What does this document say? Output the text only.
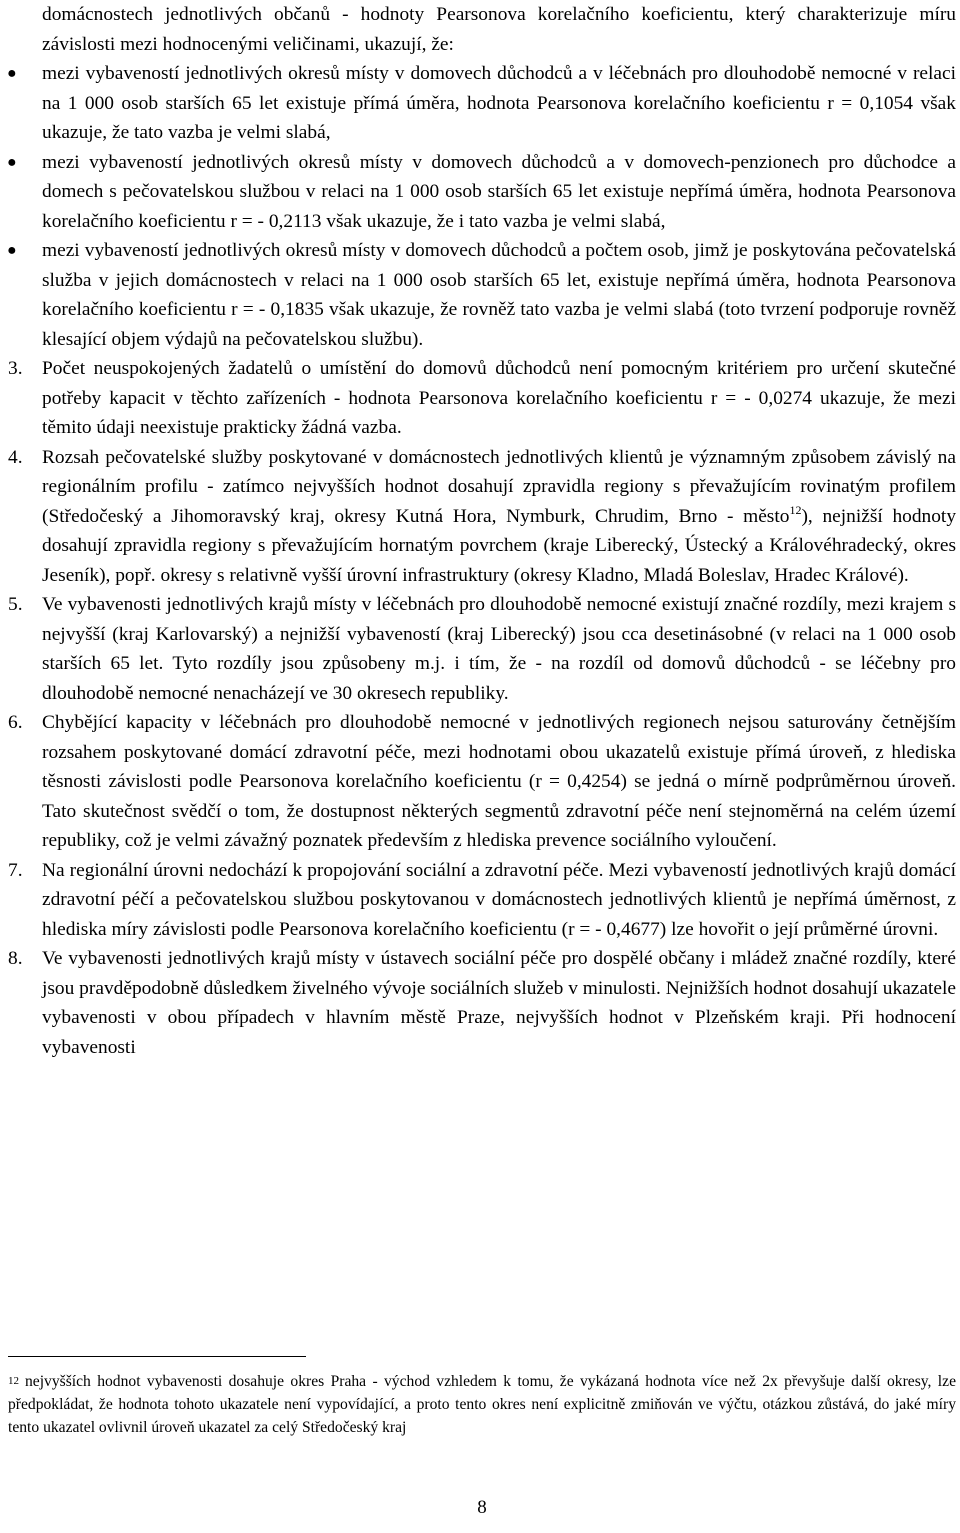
domácnostech jednotlivých občanů - hodnoty Pearsonova korelačního koeficientu, který charakterizuje míru závislosti mezi hodnocenými veličinami, ukazují, že:

● mezi vybaveností jednotlivých okresů místy v domovech důchodců a v léčebnách pro dlouhodobě nemocné v relaci na 1 000 osob starších 65 let existuje přímá úměra, hodnota Pearsonova korelačního koeficientu r = 0,1054 však ukazuje, že tato vazba je velmi slabá,

● mezi vybaveností jednotlivých okresů místy v domovech důchodců a v domovech-penzionech pro důchodce a domech s pečovatelskou službou v relaci na 1 000 osob starších 65 let existuje nepřímá úměra, hodnota Pearsonova korelačního koeficientu r = - 0,2113 však ukazuje, že i tato vazba je velmi slabá,

● mezi vybaveností jednotlivých okresů místy v domovech důchodců a počtem osob, jimž je poskytována pečovatelská služba v jejich domácnostech v relaci na 1 000 osob starších 65 let, existuje nepřímá úměra, hodnota Pearsonova korelačního koeficientu r = - 0,1835 však ukazuje, že rovněž tato vazba je velmi slabá (toto tvrzení podporuje rovněž klesající objem výdajů na pečovatelskou službu).

3. Počet neuspokojených žadatelů o umístění do domovů důchodců není pomocným kritériem pro určení skutečné potřeby kapacit v těchto zařízeních - hodnota Pearsonova korelačního koeficientu r = - 0,0274 ukazuje, že mezi těmito údaji neexistuje prakticky žádná vazba.

4. Rozsah pečovatelské služby poskytované v domácnostech jednotlivých klientů je významným způsobem závislý na regionálním profilu - zatímco nejvyšších hodnot dosahují zpravidla regiony s převažujícím rovinatým profilem (Středočeský a Jihomoravský kraj, okresy Kutná Hora, Nymburk, Chrudim, Brno - město$^{12}$), nejnižší hodnoty dosahují zpravidla regiony s převažujícím hornatým povrchem (kraje Liberecký, Ústecký a Královéhradecký, okres Jeseník), popř. okresy s relativně vyšší úrovní infrastruktury (okresy Kladno, Mladá Boleslav, Hradec Králové).

5. Ve vybavenosti jednotlivých krajů místy v léčebnách pro dlouhodobě nemocné existují značné rozdíly, mezi krajem s nejvyšší (kraj Karlovarský) a nejnižší vybaveností (kraj Liberecký) jsou cca desetinásobné (v relaci na 1 000 osob starších 65 let. Tyto rozdíly jsou způsobeny m.j. i tím, že - na rozdíl od domovů důchodců - se léčebny pro dlouhodobě nemocné nenacházejí ve 30 okresech republiky.

6. Chybějící kapacity v léčebnách pro dlouhodobě nemocné v jednotlivých regionech nejsou saturovány četnějším rozsahem poskytované domácí zdravotní péče, mezi hodnotami obou ukazatelů existuje přímá úroveň, z hlediska těsnosti závislosti podle Pearsonova korelačního koeficientu (r = 0,4254) se jedná o mírně podprůměrnou úroveň. Tato skutečnost svědčí o tom, že dostupnost některých segmentů zdravotní péče není stejnoměrná na celém území republiky, což je velmi závažný poznatek především z hlediska prevence sociálního vyloučení.

7. Na regionální úrovni nedochází k propojování sociální a zdravotní péče. Mezi vybaveností jednotlivých krajů domácí zdravotní péčí a pečovatelskou službou poskytovanou v domácnostech jednotlivých klientů je nepřímá úměrnost, z hlediska míry závislosti podle Pearsonova korelačního koeficientu (r = - 0,4677) lze hovořit o její průměrné úrovni.

8. Ve vybavenosti jednotlivých krajů místy v ústavech sociální péče pro dospělé občany i mládež značné rozdíly, které jsou pravděpodobně důsledkem živelného vývoje sociálních služeb v minulosti. Nejnižších hodnot dosahují ukazatele vybavenosti v obou případech v hlavním městě Praze, nejvyšších hodnot v Plzeňském kraji. Při hodnocení vybavenosti

$^{12}$ nejvyšších hodnot vybavenosti dosahuje okres Praha - východ vzhledem k tomu, že vykázaná hodnota více než 2x převyšuje další okresy, lze předpokládat, že hodnota tohoto ukazatele není vypovídající, a proto tento okres není explicitně zmiňován ve výčtu, otázkou zůstává, do jaké míry tento ukazatel ovlivnil úroveň ukazatel za celý Středočeský kraj

8
